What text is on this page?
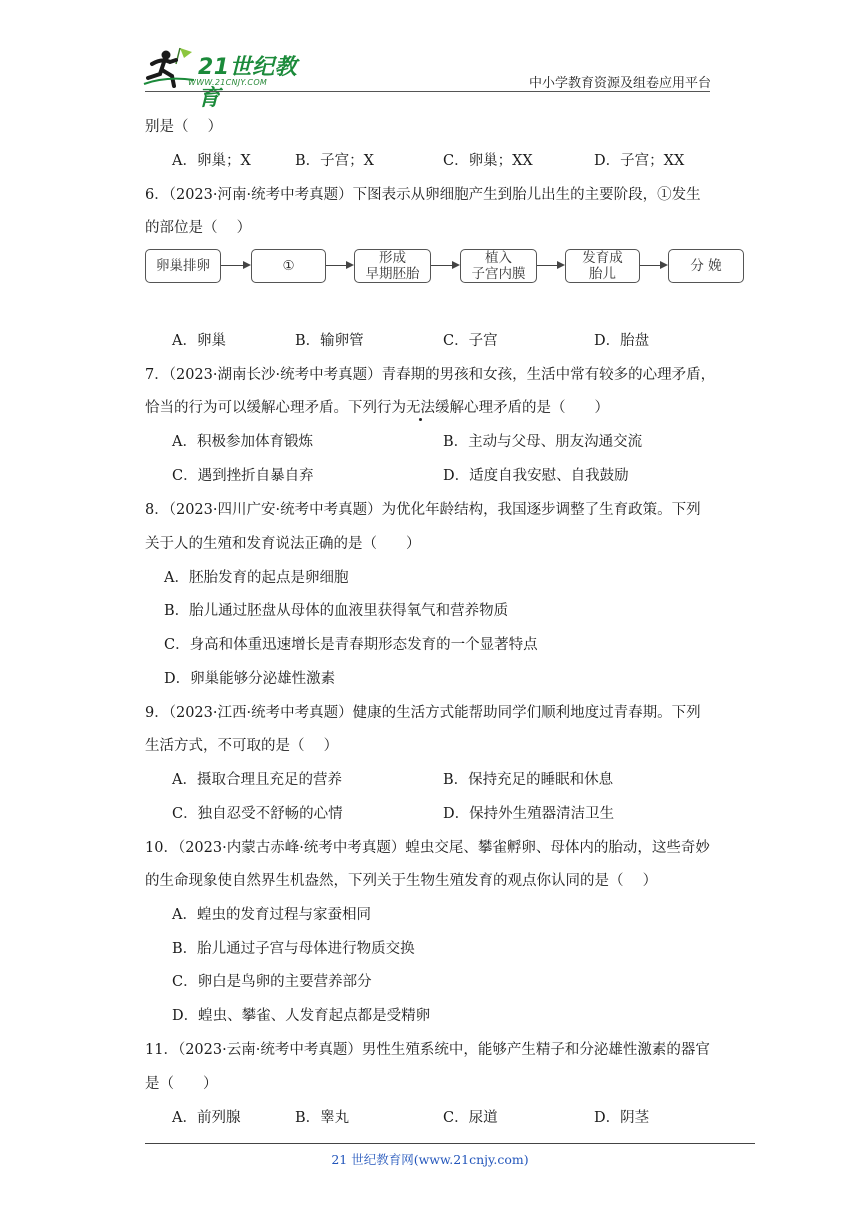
21世纪教育
WWW.21CNJY.COM	中小学教育资源及组卷应用平台
别是（　 ）
A．卵巢；X	B．子宫；X	C．卵巢；XX	D．子宫；XX
6．（2023·河南·统考中考真题）下图表示从卵细胞产生到胎儿出生的主要阶段，①发生
的部位是（　 ）
卵巢排卵	①	形成
早期胚胎
植入
子宫内膜
发育成
胎儿	分 娩
A．卵巢	B．输卵管	C．子宫	D．胎盘
7．（2023·湖南长沙·统考中考真题）青春期的男孩和女孩，生活中常有较多的心理矛盾，
恰当的行为可以缓解心理矛盾。下列行为无法缓解心理矛盾的是（　　）
A．积极参加体育锻炼	B．主动与父母、朋友沟通交流
C．遇到挫折自暴自弃	D．适度自我安慰、自我鼓励
8．（2023·四川广安·统考中考真题）为优化年龄结构，我国逐步调整了生育政策。下列
关于人的生殖和发育说法正确的是（　　）
A．胚胎发育的起点是卵细胞
B．胎儿通过胚盘从母体的血液里获得氧气和营养物质
C．身高和体重迅速增长是青春期形态发育的一个显著特点
D．卵巢能够分泌雄性激素
9．（2023·江西·统考中考真题）健康的生活方式能帮助同学们顺利地度过青春期。下列
生活方式，不可取的是（　 ）
A．摄取合理且充足的营养	B．保持充足的睡眠和休息
C．独自忍受不舒畅的心情	D．保持外生殖器清洁卫生
10．（2023·内蒙古赤峰·统考中考真题）蝗虫交尾、攀雀孵卵、母体内的胎动，这些奇妙
的生命现象使自然界生机盎然，下列关于生物生殖发育的观点你认同的是（　 ）
A．蝗虫的发育过程与家蚕相同
B．胎儿通过子宫与母体进行物质交换
C．卵白是鸟卵的主要营养部分
D．蝗虫、攀雀、人发育起点都是受精卵
11．（2023·云南·统考中考真题）男性生殖系统中，能够产生精子和分泌雄性激素的器官
是（　　）
A．前列腺	B．睾丸	C．尿道	D．阴茎
21 世纪教育网(www.21cnjy.com)
